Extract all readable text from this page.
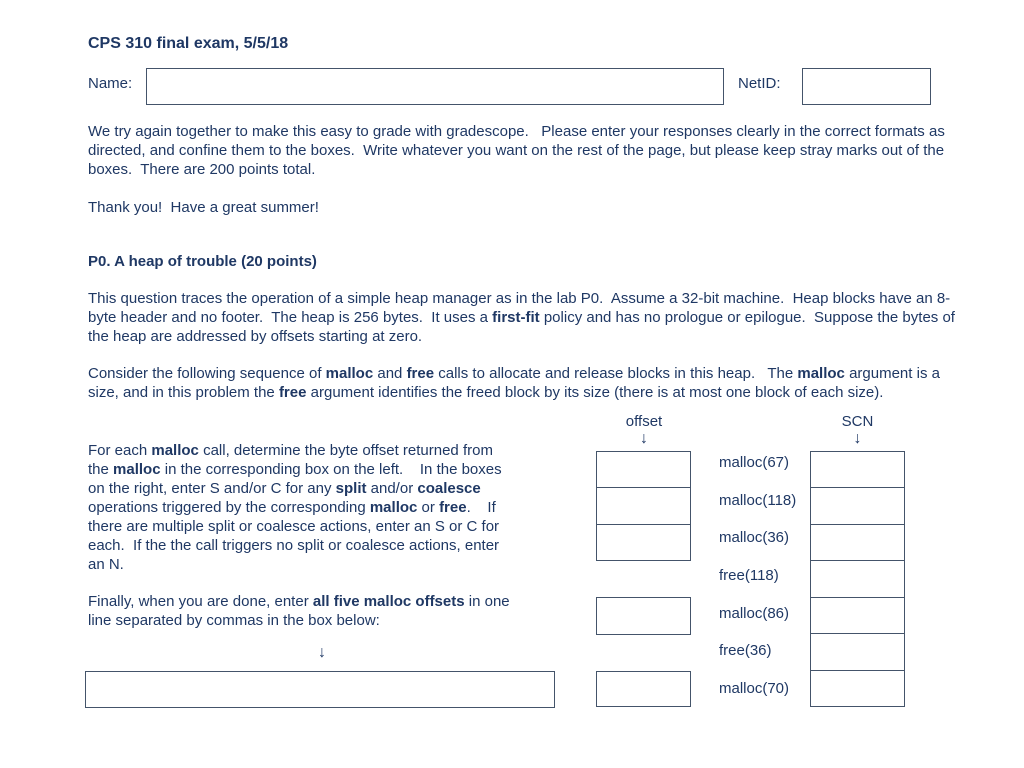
CPS 310 final exam, 5/5/18
Name:	NetID:
We try again together to make this easy to grade with gradescope.   Please enter your responses clearly in the correct formats as directed, and confine them to the boxes.  Write whatever you want on the rest of the page, but please keep stray marks out of the boxes.  There are 200 points total.
Thank you!  Have a great summer!
P0. A heap of trouble (20 points)
This question traces the operation of a simple heap manager as in the lab P0.  Assume a 32-bit machine.  Heap blocks have an 8-byte header and no footer.  The heap is 256 bytes.  It uses a first-fit policy and has no prologue or epilogue.  Suppose the bytes of the heap are addressed by offsets starting at zero.
Consider the following sequence of malloc and free calls to allocate and release blocks in this heap.   The malloc argument is a size, and in this problem the free argument identifies the freed block by its size (there is at most one block of each size).
For each malloc call, determine the byte offset returned from the malloc in the corresponding box on the left.    In the boxes on the right, enter S and/or C for any split and/or coalesce operations triggered by the corresponding malloc or free.    If there are multiple split or coalesce actions, enter an S or C for each.  If the the call triggers no split or coalesce actions, enter an N.
Finally, when you are done, enter all five malloc offsets in one line separated by commas in the box below:
↓
offset
↓
SCN
↓
malloc(67)
malloc(118)
malloc(36)
free(118)
malloc(86)
free(36)
malloc(70)
